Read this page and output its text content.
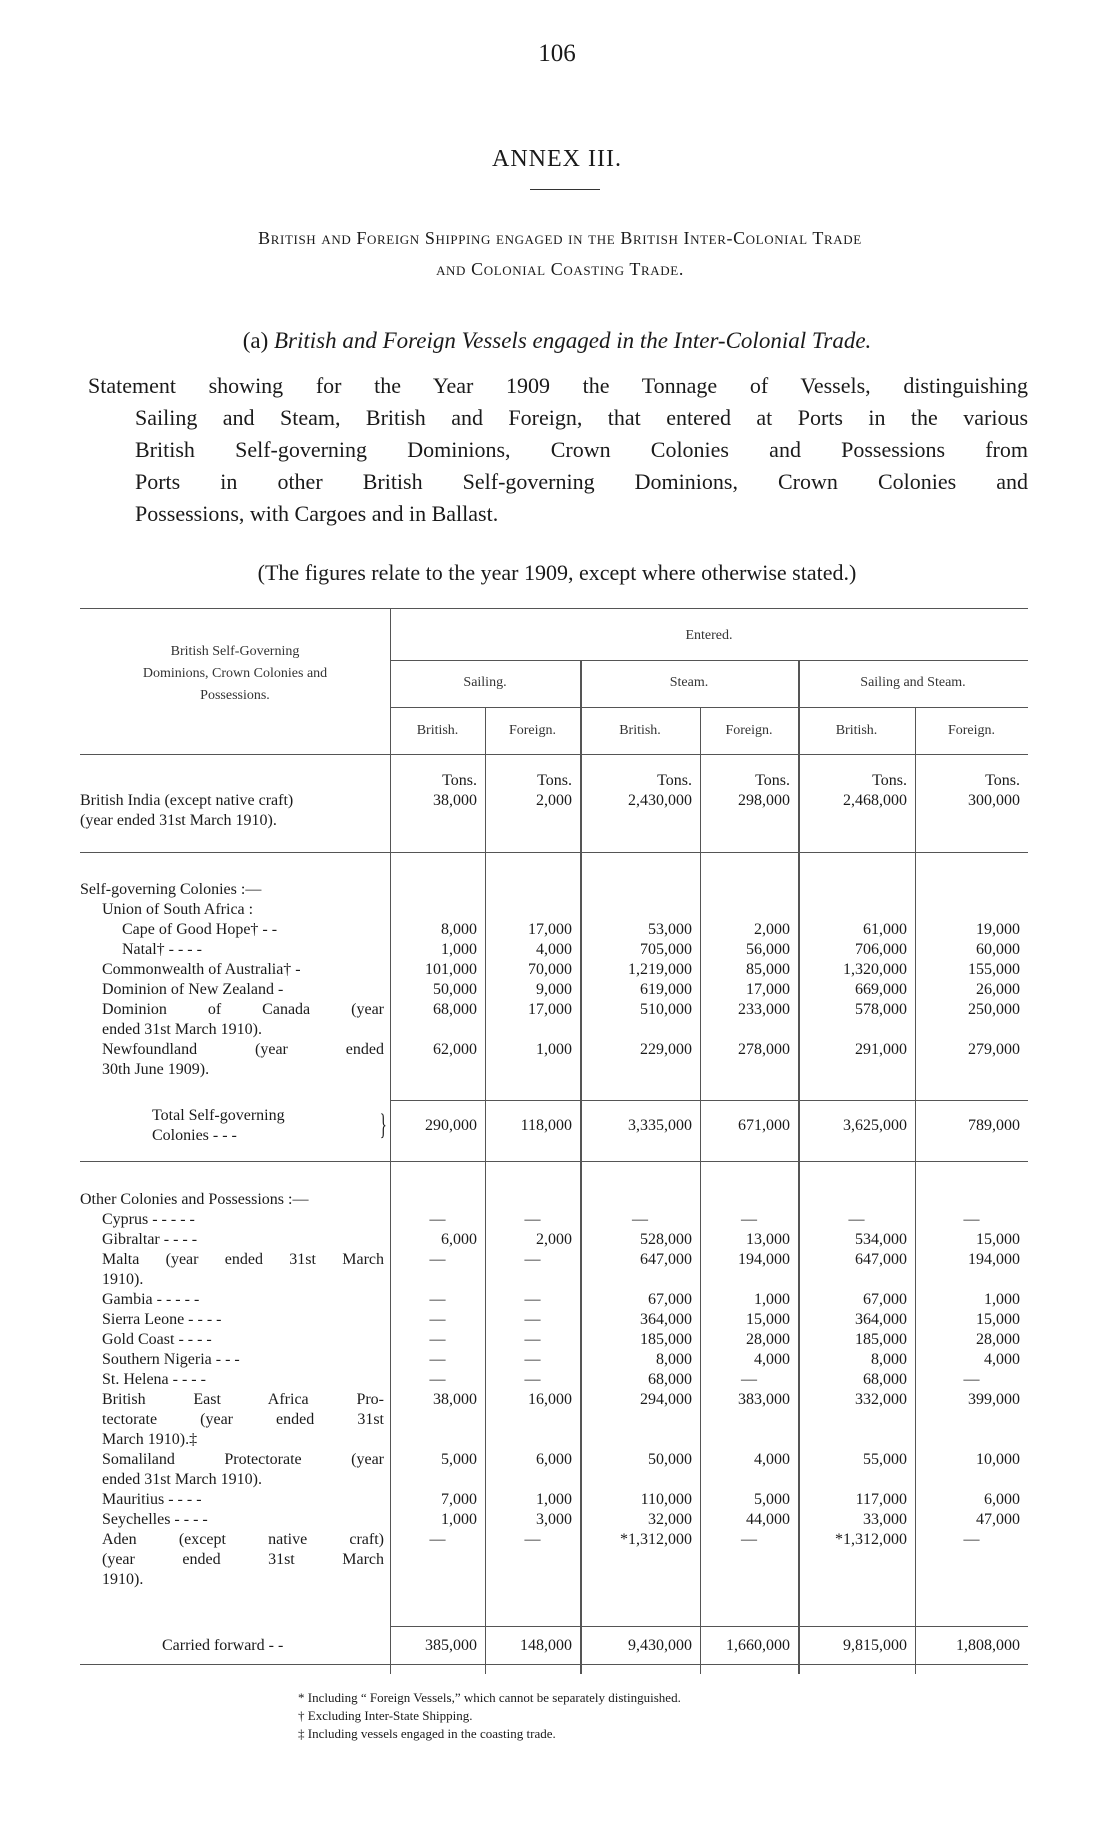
106
ANNEX III.
British and Foreign Shipping engaged in the British Inter-Colonial Trade
and Colonial Coasting Trade.
(a) British and Foreign Vessels engaged in the Inter-Colonial Trade.
Statement showing for the Year 1909 the Tonnage of Vessels, distinguishing
Sailing and Steam, British and Foreign, that entered at Ports in the various
British Self-governing Dominions, Crown Colonies and Possessions from
Ports in other British Self-governing Dominions, Crown Colonies and
Possessions, with Cargoes and in Ballast.
(The figures relate to the year 1909, except where otherwise stated.)
British Self-Governing
Dominions, Crown Colonies and
Possessions.
Entered.
Sailing.	Steam.	Sailing and Steam.
British.	Foreign.	British.	Foreign.	British.	Foreign.
Tons.	Tons.	Tons.	Tons.	Tons.	Tons.
British India (except native craft)
(year ended 31st March 1910).
38,000	2,000	2,430,000	298,000	2,468,000	300,000
Self-governing Colonies :—
Union of South Africa :
Cape of Good Hope† - -	8,000	17,000	53,000	2,000	61,000	19,000
Natal† - - - -	1,000	4,000	705,000	56,000	706,000	60,000
Commonwealth of Australia† -	101,000	70,000	1,219,000	85,000	1,320,000	155,000
Dominion of New Zealand -	50,000	9,000	619,000	17,000	669,000	26,000
Dominion of Canada (year
ended 31st March 1910).
68,000	17,000	510,000	233,000	578,000	250,000
Newfoundland (year ended
30th June 1909).
62,000	1,000	229,000	278,000	291,000	279,000
Total Self-governing
Colonies - - -	}	290,000	118,000	3,335,000	671,000	3,625,000	789,000
Other Colonies and Possessions :—
Cyprus - - - - -	—	—	—	—	—	—
Gibraltar - - - -	6,000	2,000	528,000	13,000	534,000	15,000
Malta (year ended 31st March
1910).
—	—	647,000	194,000	647,000	194,000
Gambia - - - - -	—	—	67,000	1,000	67,000	1,000
Sierra Leone - - - -	—	—	364,000	15,000	364,000	15,000
Gold Coast - - - -	—	—	185,000	28,000	185,000	28,000
Southern Nigeria - - -	—	—	8,000	4,000	8,000	4,000
St. Helena - - - -	—	—	68,000	—	68,000	—
British East Africa Pro-
tectorate (year ended 31st
March 1910).‡
38,000	16,000	294,000	383,000	332,000	399,000
Somaliland Protectorate (year
ended 31st March 1910).
5,000	6,000	50,000	4,000	55,000	10,000
Mauritius - - - -	7,000	1,000	110,000	5,000	117,000	6,000
Seychelles - - - -	1,000	3,000	32,000	44,000	33,000	47,000
Aden (except native craft)
(year ended 31st March
1910).
—	—	*1,312,000	—	*1,312,000	—
Carried forward - -	385,000	148,000	9,430,000	1,660,000	9,815,000	1,808,000
* Including “ Foreign Vessels,” which cannot be separately distinguished.
† Excluding Inter-State Shipping.
‡ Including vessels engaged in the coasting trade.
